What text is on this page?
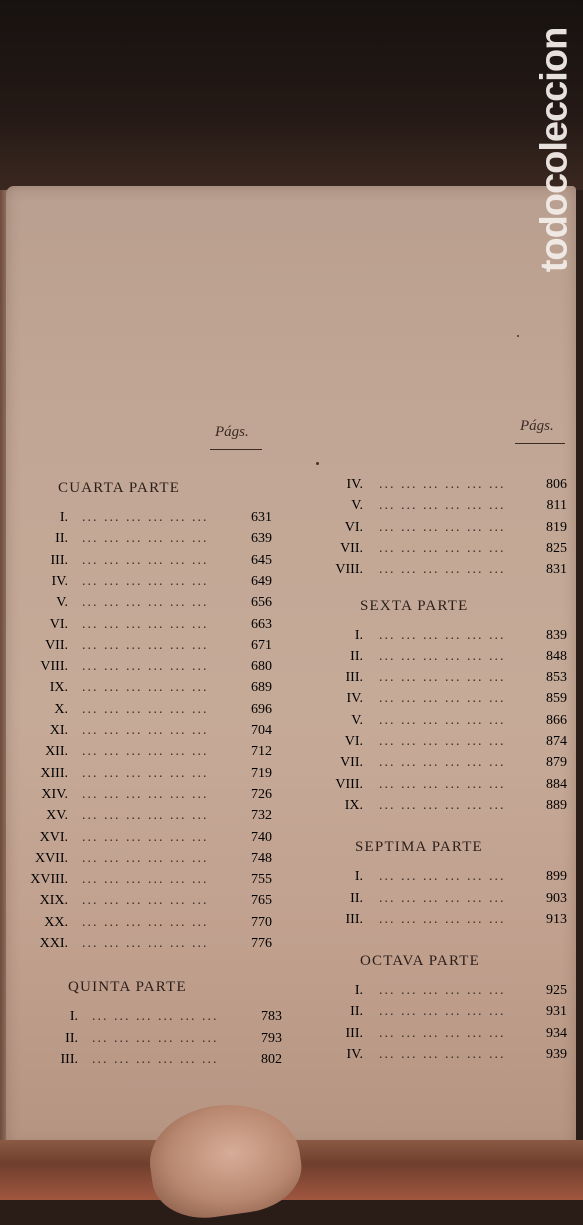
todocoleccion
Págs.	Págs.
CUARTA PARTE
I. ... ... ... ... ... ...	631
II. ... ... ... ... ... ...	639
III. ... ... ... ... ... ...	645
IV. ... ... ... ... ... ...	649
V. ... ... ... ... ... ...	656
VI. ... ... ... ... ... ...	663
VII. ... ... ... ... ... ...	671
VIII. ... ... ... ... ... ...	680
IX. ... ... ... ... ... ...	689
X. ... ... ... ... ... ...	696
XI. ... ... ... ... ... ...	704
XII. ... ... ... ... ... ...	712
XIII. ... ... ... ... ... ...	719
XIV. ... ... ... ... ... ...	726
XV. ... ... ... ... ... ...	732
XVI. ... ... ... ... ... ...	740
XVII. ... ... ... ... ... ...	748
XVIII. ... ... ... ... ... ...	755
XIX. ... ... ... ... ... ...	765
XX. ... ... ... ... ... ...	770
XXI. ... ... ... ... ... ...	776
QUINTA PARTE
I. ... ... ... ... ... ...	783
II. ... ... ... ... ... ...	793
III. ... ... ... ... ... ...	802
IV. ... ... ... ... ... ...	806
V. ... ... ... ... ... ...	811
VI. ... ... ... ... ... ...	819
VII. ... ... ... ... ... ...	825
VIII. ... ... ... ... ... ...	831
SEXTA PARTE
I. ... ... ... ... ... ...	839
II. ... ... ... ... ... ...	848
III. ... ... ... ... ... ...	853
IV. ... ... ... ... ... ...	859
V. ... ... ... ... ... ...	866
VI. ... ... ... ... ... ...	874
VII. ... ... ... ... ... ...	879
VIII. ... ... ... ... ... ...	884
IX. ... ... ... ... ... ...	889
SEPTIMA PARTE
I. ... ... ... ... ... ...	899
II. ... ... ... ... ... ...	903
III. ... ... ... ... ... ...	913
OCTAVA PARTE
I. ... ... ... ... ... ...	925
II. ... ... ... ... ... ...	931
III. ... ... ... ... ... ...	934
IV. ... ... ... ... ... ...	939
